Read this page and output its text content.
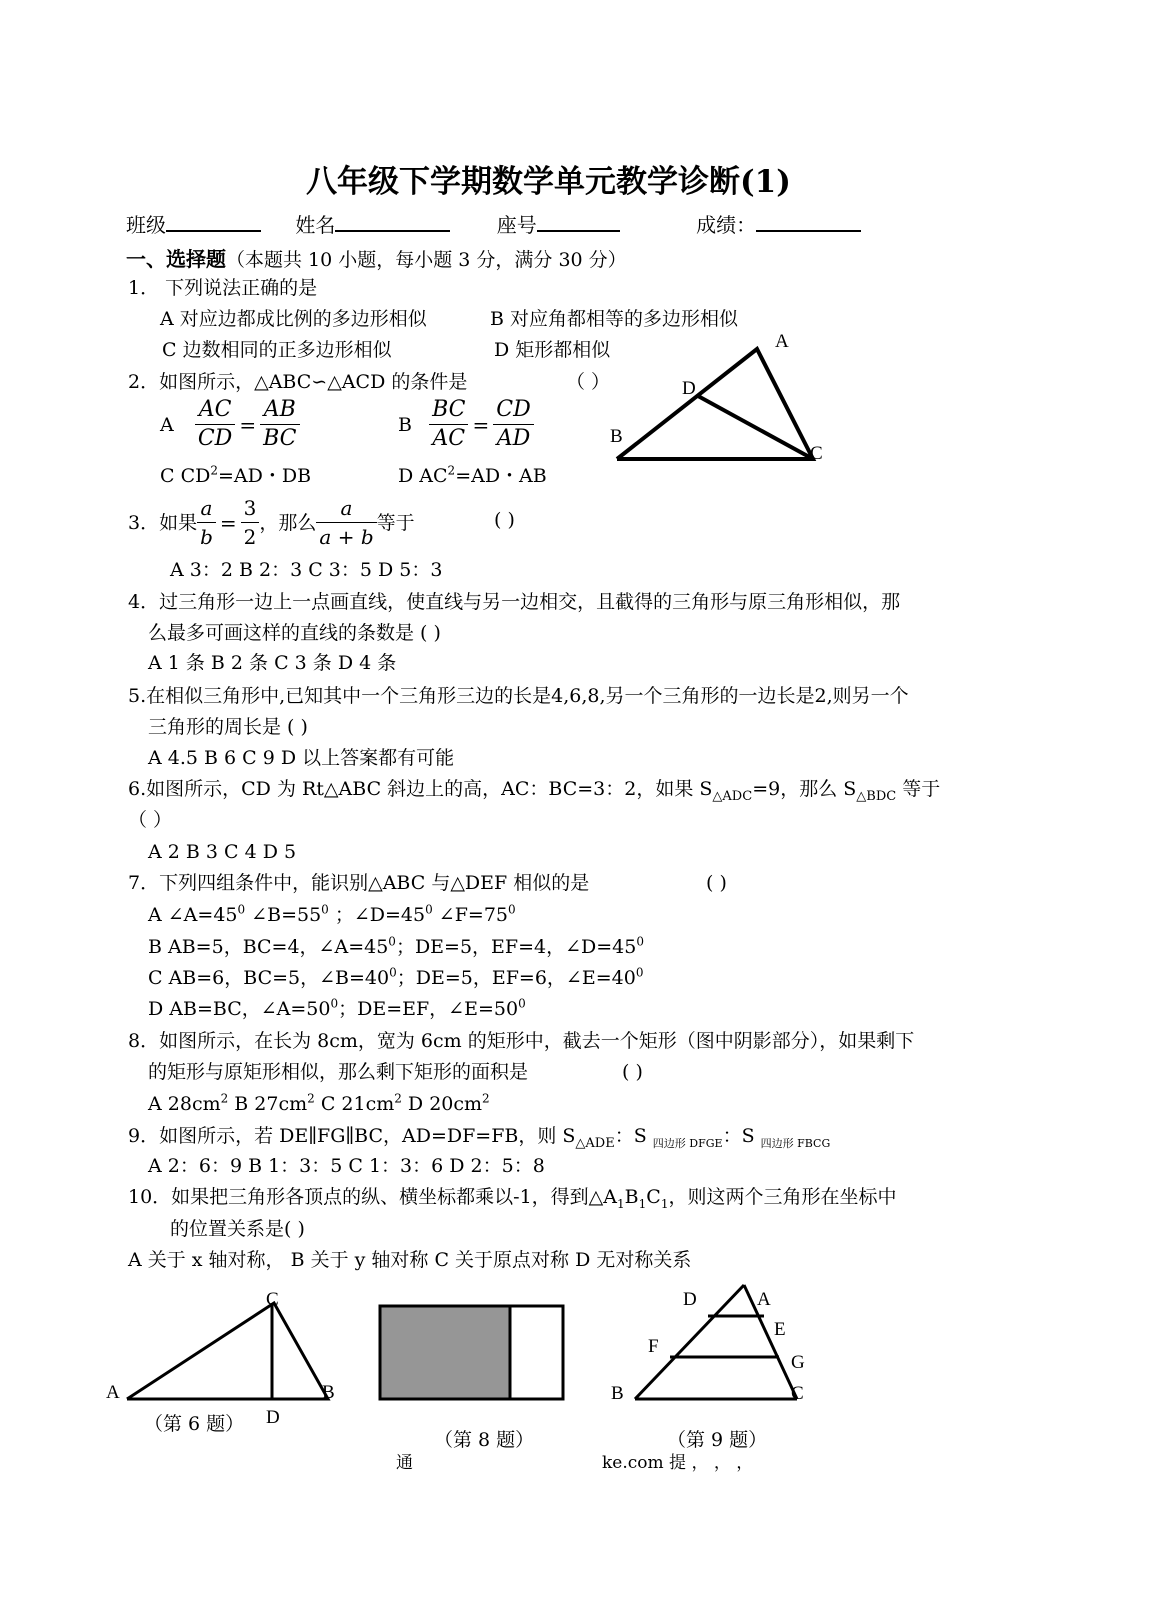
八年级下学期数学单元教学诊断(1)
班级	姓名	座号	成绩：
一、选择题（本题共 10 小题，每小题 3 分，满分 30 分）
1． 下列说法正确的是
A 对应边都成比例的多边形相似	B 对应角都相等的多边形相似
C 边数相同的正多边形相似	D 矩形都相似
2．如图所示，△ABC∽△ACD 的条件是	（ ）
A $\frac{AC}{CD} = \frac{AB}{BC}$	B $\frac{BC}{AC} = \frac{CD}{AD}$
C $CD^2=AD$・DB	D $AC^2=AD$・AB
A
D
B
C
3．如果 $\frac{a}{b} = \frac{3}{2}$ ，那么 $\frac{a}{a + b}$ 等于	( )
A 3：2 B 2：3 C 3：5 D 5：3
4．过三角形一边上一点画直线，使直线与另一边相交，且截得的三角形与原三角形相似，那
么最多可画这样的直线的条数是 ( )
A 1 条 B 2 条 C 3 条 D 4 条
5.在相似三角形中,已知其中一个三角形三边的长是4,6,8,另一个三角形的一边长是2,则另一个
三角形的周长是 ( )
A 4.5 B 6 C 9 D 以上答案都有可能
6.如图所示，CD 为 Rt△ABC 斜边上的高，AC：BC=3：2，如果 $S_{\triangle ADC}=9$，那么 $S_{\triangle BDC}$ 等于
（ ）
A 2 B 3 C 4 D 5
7．下列四组条件中，能识别△ABC 与△DEF 相似的是	( )
A $\angle A=45^0$ $\angle B=55^0$ ；$\angle D=45^0$ $\angle F=75^0$
B AB=5，BC=4，$\angle A=45^0$；DE=5，EF=4，$\angle D=45^0$
C AB=6，BC=5，$\angle B=40^0$；DE=5，EF=6，$\angle E=40^0$
D AB=BC，$\angle A=50^0$；DE=EF，$\angle E=50^0$
8．如图所示，在长为 8cm，宽为 6cm 的矩形中，截去一个矩形（图中阴影部分），如果剩下
的矩形与原矩形相似，那么剩下矩形的面积是	( )
A $28cm^2$ B $27cm^2$ C $21cm^2$ D $20cm^2$
9．如图所示，若 DE∥FG∥BC，AD=DF=FB，则 $S_{\triangle ADE}$：S $_{四边形 DFGE}$：S $_{四边形 FBCG}$
A 2：6：9 B 1：3：5 C 1：3：6 D 2：5：8
10．如果把三角形各顶点的纵、横坐标都乘以-1，得到$\triangle A_1B_1C_1$，则这两个三角形在坐标中
的位置关系是( )
A 关于 x 轴对称， B 关于 y 轴对称 C 关于原点对称 D 无对称关系
C
A	B
D
（第 6 题）
（第 8 题）
D	A
E
F
G
B	C
（第 9 题）
通	ke.com 提 ， ， ，
